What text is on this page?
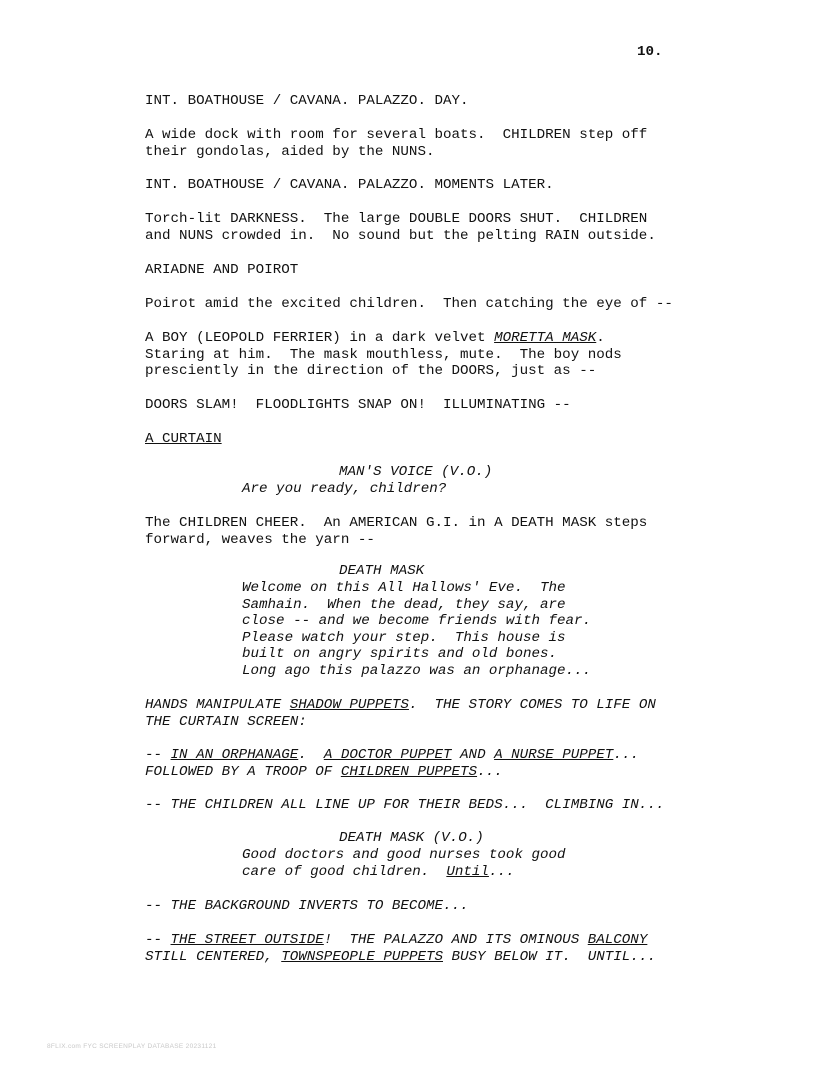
10.
INT. BOATHOUSE / CAVANA. PALAZZO. DAY.
A wide dock with room for several boats.  CHILDREN step off
their gondolas, aided by the NUNS.
INT. BOATHOUSE / CAVANA. PALAZZO. MOMENTS LATER.
Torch-lit DARKNESS.  The large DOUBLE DOORS SHUT.  CHILDREN
and NUNS crowded in.  No sound but the pelting RAIN outside.
ARIADNE AND POIROT
Poirot amid the excited children.  Then catching the eye of --
A BOY (LEOPOLD FERRIER) in a dark velvet MORETTA MASK.
Staring at him.  The mask mouthless, mute.  The boy nods
presciently in the direction of the DOORS, just as --
DOORS SLAM!  FLOODLIGHTS SNAP ON!  ILLUMINATING --
A CURTAIN
MAN'S VOICE (V.O.)
Are you ready, children?
The CHILDREN CHEER.  An AMERICAN G.I. in A DEATH MASK steps
forward, weaves the yarn --
DEATH MASK
Welcome on this All Hallows' Eve.  The
Samhain.  When the dead, they say, are
close -- and we become friends with fear.
Please watch your step.  This house is
built on angry spirits and old bones.
Long ago this palazzo was an orphanage...
HANDS MANIPULATE SHADOW PUPPETS.  THE STORY COMES TO LIFE ON
THE CURTAIN SCREEN:
-- IN AN ORPHANAGE.  A DOCTOR PUPPET AND A NURSE PUPPET...
FOLLOWED BY A TROOP OF CHILDREN PUPPETS...
-- THE CHILDREN ALL LINE UP FOR THEIR BEDS...  CLIMBING IN...
DEATH MASK (V.O.)
Good doctors and good nurses took good
care of good children.  Until...
-- THE BACKGROUND INVERTS TO BECOME...
-- THE STREET OUTSIDE!  THE PALAZZO AND ITS OMINOUS BALCONY
STILL CENTERED, TOWNSPEOPLE PUPPETS BUSY BELOW IT.  UNTIL...
8FLIX.com FYC SCREENPLAY DATABASE 20231121
